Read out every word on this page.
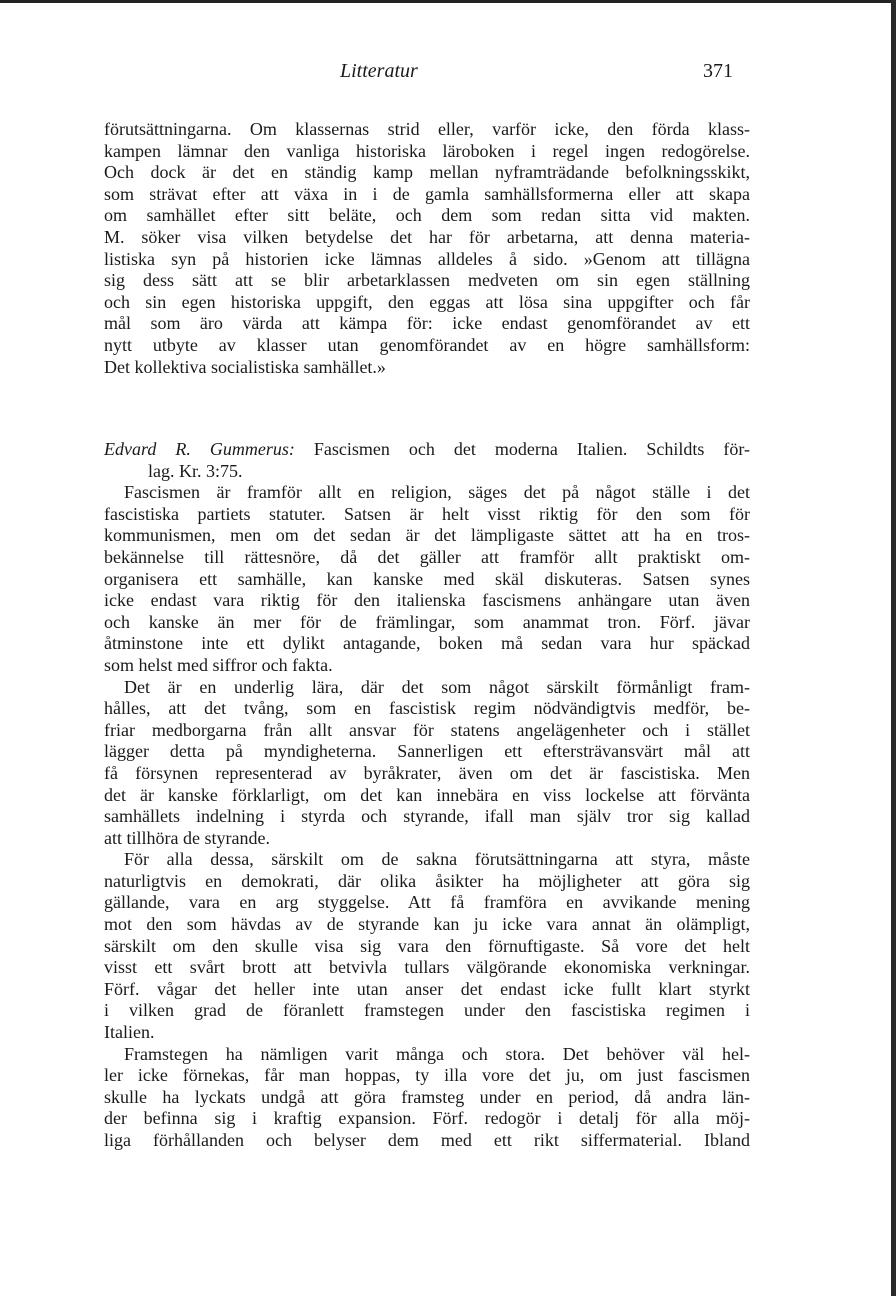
Litteratur	371
förutsättningarna. Om klassernas strid eller, varför icke, den förda klass-
kampen lämnar den vanliga historiska läroboken i regel ingen redogörelse.
Och dock är det en ständig kamp mellan nyframträdande befolkningsskikt,
som strävat efter att växa in i de gamla samhällsformerna eller att skapa
om samhället efter sitt beläte, och dem som redan sitta vid makten.
M. söker visa vilken betydelse det har för arbetarna, att denna materia-
listiska syn på historien icke lämnas alldeles å sido. »Genom att tillägna
sig dess sätt att se blir arbetarklassen medveten om sin egen ställning
och sin egen historiska uppgift, den eggas att lösa sina uppgifter och får
mål som äro värda att kämpa för: icke endast genomförandet av ett
nytt utbyte av klasser utan genomförandet av en högre samhällsform:
Det kollektiva socialistiska samhället.»
Edvard R. Gummerus: Fascismen och det moderna Italien. Schildts för-
lag. Kr. 3:75.
Fascismen är framför allt en religion, säges det på något ställe i det
fascistiska partiets statuter. Satsen är helt visst riktig för den som för
kommunismen, men om det sedan är det lämpligaste sättet att ha en tros-
bekännelse till rättesnöre, då det gäller att framför allt praktiskt om-
organisera ett samhälle, kan kanske med skäl diskuteras. Satsen synes
icke endast vara riktig för den italienska fascismens anhängare utan även
och kanske än mer för de främlingar, som anammat tron. Förf. jävar
åtminstone inte ett dylikt antagande, boken må sedan vara hur späckad
som helst med siffror och fakta.
Det är en underlig lära, där det som något särskilt förmånligt fram-
hålles, att det tvång, som en fascistisk regim nödvändigtvis medför, be-
friar medborgarna från allt ansvar för statens angelägenheter och i stället
lägger detta på myndigheterna. Sannerligen ett eftersträvansvärt mål att
få försynen representerad av byråkrater, även om det är fascistiska. Men
det är kanske förklarligt, om det kan innebära en viss lockelse att förvänta
samhällets indelning i styrda och styrande, ifall man själv tror sig kallad
att tillhöra de styrande.
För alla dessa, särskilt om de sakna förutsättningarna att styra, måste
naturligtvis en demokrati, där olika åsikter ha möjligheter att göra sig
gällande, vara en arg styggelse. Att få framföra en avvikande mening
mot den som hävdas av de styrande kan ju icke vara annat än olämpligt,
särskilt om den skulle visa sig vara den förnuftigaste. Så vore det helt
visst ett svårt brott att betvivla tullars välgörande ekonomiska verkningar.
Förf. vågar det heller inte utan anser det endast icke fullt klart styrkt
i vilken grad de föranlett framstegen under den fascistiska regimen i
Italien.
Framstegen ha nämligen varit många och stora. Det behöver väl hel-
ler icke förnekas, får man hoppas, ty illa vore det ju, om just fascismen
skulle ha lyckats undgå att göra framsteg under en period, då andra län-
der befinna sig i kraftig expansion. Förf. redogör i detalj för alla möj-
liga förhållanden och belyser dem med ett rikt siffermaterial. Ibland
